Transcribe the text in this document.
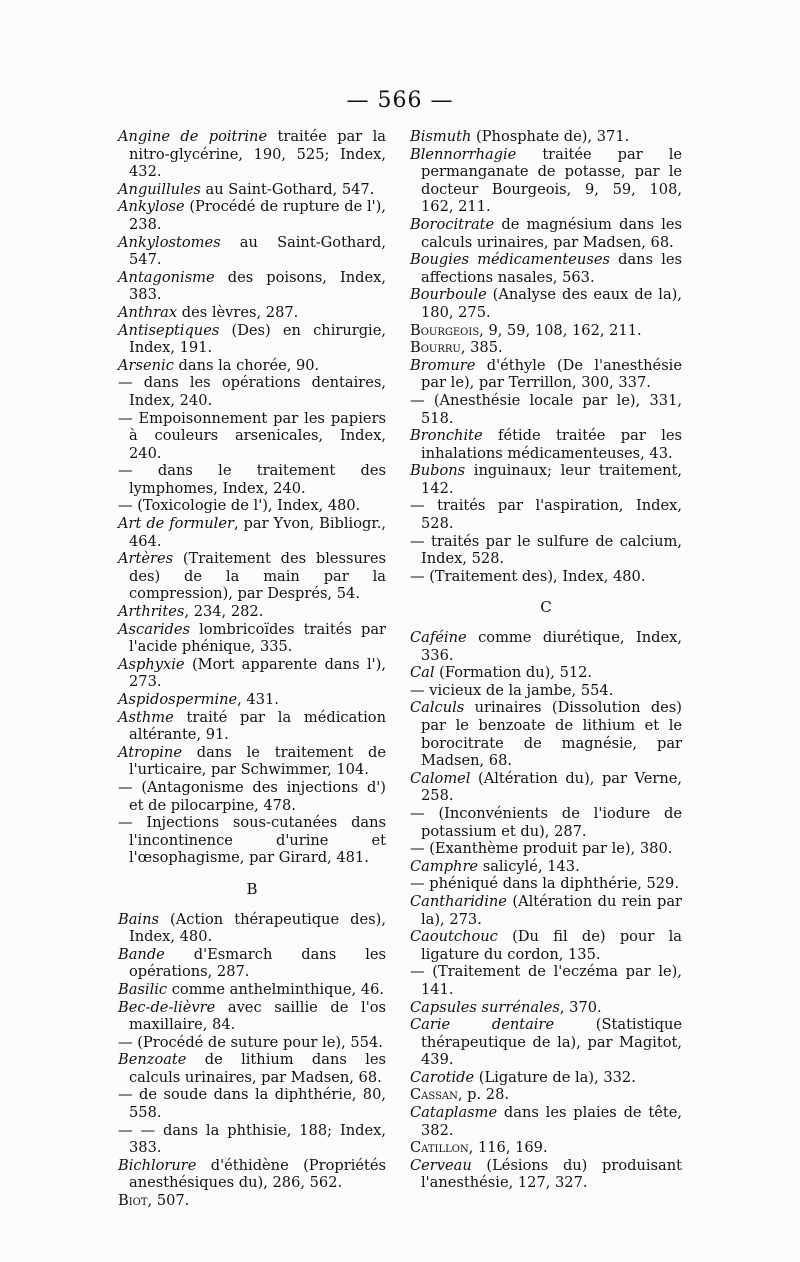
— 566 —

Angine de poitrine traitée par la nitro-glycérine, 190, 525; Index, 432.

Anguillules au Saint-Gothard, 547.

Ankylose (Procédé de rupture de l'), 238.

Ankylostomes au Saint-Gothard, 547.

Antagonisme des poisons, Index, 383.

Anthrax des lèvres, 287.

Antiseptiques (Des) en chirurgie, Index, 191.

Arsenic dans la chorée, 90.

— dans les opérations dentaires, Index, 240.

— Empoisonnement par les papiers à couleurs arsenicales, Index, 240.

— dans le traitement des lymphomes, Index, 240.

— (Toxicologie de l'), Index, 480.

Art de formuler, par Yvon, Bibliogr., 464.

Artères (Traitement des blessures des) de la main par la compression), par Després, 54.

Arthrites, 234, 282.

Ascarides lombricoïdes traités par l'acide phénique, 335.

Asphyxie (Mort apparente dans l'), 273.

Aspidospermine, 431.

Asthme traité par la médication altérante, 91.

Atropine dans le traitement de l'urticaire, par Schwimmer, 104.

— (Antagonisme des injections d') et de pilocarpine, 478.

— Injections sous-cutanées dans l'incontinence d'urine et l'œsophagisme, par Girard, 481.

B

Bains (Action thérapeutique des), Index, 480.

Bande d'Esmarch dans les opérations, 287.

Basilic comme anthelminthique, 46.

Bec-de-lièvre avec saillie de l'os maxillaire, 84.

— (Procédé de suture pour le), 554.

Benzoate de lithium dans les calculs urinaires, par Madsen, 68.

— de soude dans la diphthérie, 80, 558.

— — dans la phthisie, 188; Index, 383.

Bichlorure d'éthidène (Propriétés anesthésiques du), 286, 562.

Biot, 507.

Bismuth (Phosphate de), 371.

Blennorrhagie traitée par le permanganate de potasse, par le docteur Bourgeois, 9, 59, 108, 162, 211.

Borocitrate de magnésium dans les calculs urinaires, par Madsen, 68.

Bougies médicamenteuses dans les affections nasales, 563.

Bourboule (Analyse des eaux de la), 180, 275.

Bourgeois, 9, 59, 108, 162, 211.

Bourru, 385.

Bromure d'éthyle (De l'anesthésie par le), par Terrillon, 300, 337.

— (Anesthésie locale par le), 331, 518.

Bronchite fétide traitée par les inhalations médicamenteuses, 43.

Bubons inguinaux; leur traitement, 142.

— traités par l'aspiration, Index, 528.

— traités par le sulfure de calcium, Index, 528.

— (Traitement des), Index, 480.

C

Caféine comme diurétique, Index, 336.

Cal (Formation du), 512.

— vicieux de la jambe, 554.

Calculs urinaires (Dissolution des) par le benzoate de lithium et le borocitrate de magnésie, par Madsen, 68.

Calomel (Altération du), par Verne, 258.

— (Inconvénients de l'iodure de potassium et du), 287.

— (Exanthème produit par le), 380.

Camphre salicylé, 143.

— phéniqué dans la diphthérie, 529.

Cantharidine (Altération du rein par la), 273.

Caoutchouc (Du fil de) pour la ligature du cordon, 135.

— (Traitement de l'eczéma par le), 141.

Capsules surrénales, 370.

Carie dentaire (Statistique thérapeutique de la), par Magitot, 439.

Carotide (Ligature de la), 332.

Cassan, p. 28.

Cataplasme dans les plaies de tête, 382.

Catillon, 116, 169.

Cerveau (Lésions du) produisant l'anesthésie, 127, 327.
